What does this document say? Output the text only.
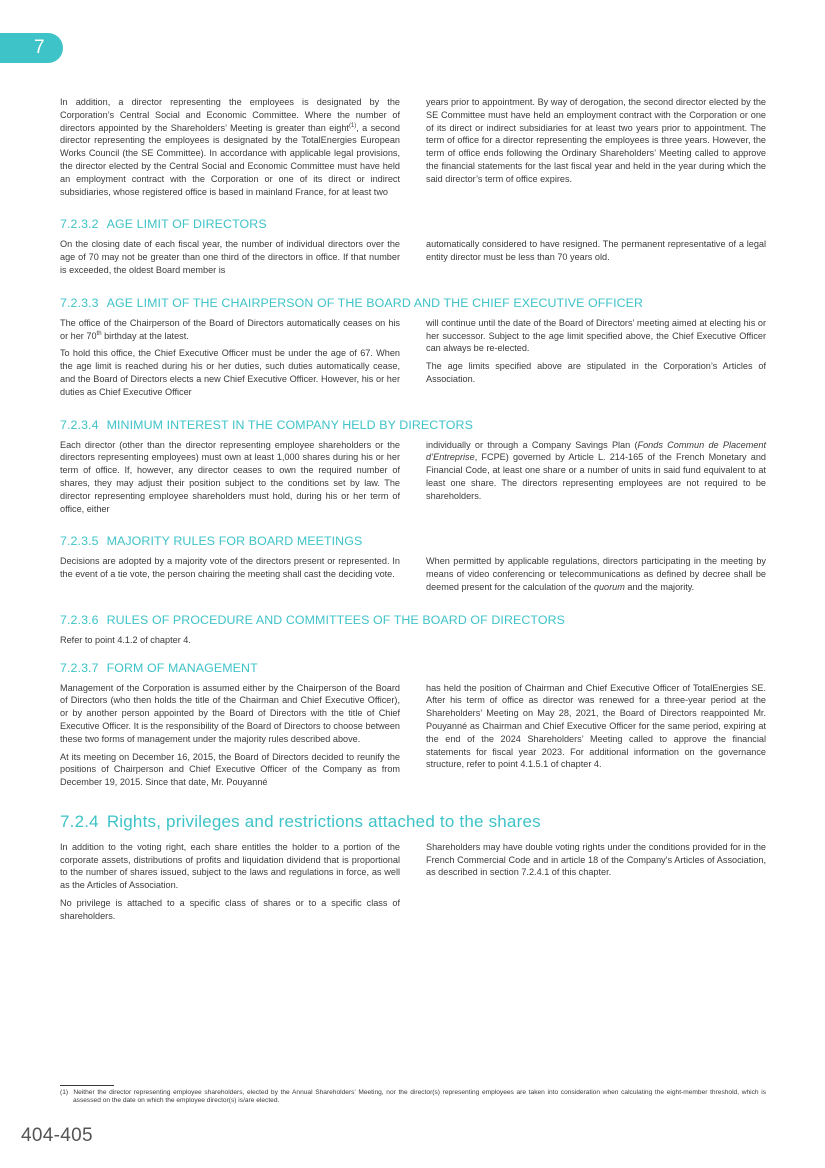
7

In addition, a director representing the employees is designated by the Corporation’s Central Social and Economic Committee. Where the number of directors appointed by the Shareholders’ Meeting is greater than eight$^{(1)}$, a second director representing the employees is designated by the TotalEnergies European Works Council (the SE Committee). In accordance with applicable legal provisions, the director elected by the Central Social and Economic Committee must have held an employment contract with the Corporation or one of its direct or indirect subsidiaries, whose registered office is based in mainland France, for at least two

years prior to appointment. By way of derogation, the second director elected by the SE Committee must have held an employment contract with the Corporation or one of its direct or indirect subsidiaries for at least two years prior to appointment. The term of office for a director representing the employees is three years. However, the term of office ends following the Ordinary Shareholders’ Meeting called to approve the financial statements for the last fiscal year and held in the year during which the said director’s term of office expires.

7.2.3.2 AGE LIMIT OF DIRECTORS

On the closing date of each fiscal year, the number of individual directors over the age of 70 may not be greater than one third of the directors in office. If that number is exceeded, the oldest Board member is

automatically considered to have resigned. The permanent representative of a legal entity director must be less than 70 years old.

7.2.3.3 AGE LIMIT OF THE CHAIRPERSON OF THE BOARD AND THE CHIEF EXECUTIVE OFFICER

The office of the Chairperson of the Board of Directors automatically ceases on his or her 70th birthday at the latest.

To hold this office, the Chief Executive Officer must be under the age of 67. When the age limit is reached during his or her duties, such duties automatically cease, and the Board of Directors elects a new Chief Executive Officer. However, his or her duties as Chief Executive Officer

will continue until the date of the Board of Directors’ meeting aimed at electing his or her successor. Subject to the age limit specified above, the Chief Executive Officer can always be re-elected.

The age limits specified above are stipulated in the Corporation’s Articles of Association.

7.2.3.4 MINIMUM INTEREST IN THE COMPANY HELD BY DIRECTORS

Each director (other than the director representing employee shareholders or the directors representing employees) must own at least 1,000 shares during his or her term of office. If, however, any director ceases to own the required number of shares, they may adjust their position subject to the conditions set by law. The director representing employee shareholders must hold, during his or her term of office, either

individually or through a Company Savings Plan (Fonds Commun de Placement d’Entreprise, FCPE) governed by Article L. 214-165 of the French Monetary and Financial Code, at least one share or a number of units in said fund equivalent to at least one share. The directors representing employees are not required to be shareholders.

7.2.3.5 MAJORITY RULES FOR BOARD MEETINGS

Decisions are adopted by a majority vote of the directors present or represented. In the event of a tie vote, the person chairing the meeting shall cast the deciding vote.

When permitted by applicable regulations, directors participating in the meeting by means of video conferencing or telecommunications as defined by decree shall be deemed present for the calculation of the quorum and the majority.

7.2.3.6 RULES OF PROCEDURE AND COMMITTEES OF THE BOARD OF DIRECTORS

Refer to point 4.1.2 of chapter 4.

7.2.3.7 FORM OF MANAGEMENT

Management of the Corporation is assumed either by the Chairperson of the Board of Directors (who then holds the title of the Chairman and Chief Executive Officer), or by another person appointed by the Board of Directors with the title of Chief Executive Officer. It is the responsibility of the Board of Directors to choose between these two forms of management under the majority rules described above.

At its meeting on December 16, 2015, the Board of Directors decided to reunify the positions of Chairperson and Chief Executive Officer of the Company as from December 19, 2015. Since that date, Mr. Pouyanné

has held the position of Chairman and Chief Executive Officer of TotalEnergies SE. After his term of office as director was renewed for a three-year period at the Shareholders’ Meeting on May 28, 2021, the Board of Directors reappointed Mr. Pouyanné as Chairman and Chief Executive Officer for the same period, expiring at the end of the 2024 Shareholders’ Meeting called to approve the financial statements for fiscal year 2023. For additional information on the governance structure, refer to point 4.1.5.1 of chapter 4.

7.2.4 Rights, privileges and restrictions attached to the shares

In addition to the voting right, each share entitles the holder to a portion of the corporate assets, distributions of profits and liquidation dividend that is proportional to the number of shares issued, subject to the laws and regulations in force, as well as the Articles of Association.

No privilege is attached to a specific class of shares or to a specific class of shareholders.

Shareholders may have double voting rights under the conditions provided for in the French Commercial Code and in article 18 of the Company's Articles of Association, as described in section 7.2.4.1 of this chapter.

(1) Neither the director representing employee shareholders, elected by the Annual Shareholders’ Meeting, nor the director(s) representing employees are taken into consideration when calculating the eight-member threshold, which is assessed on the date on which the employee director(s) is/are elected.

404-405
